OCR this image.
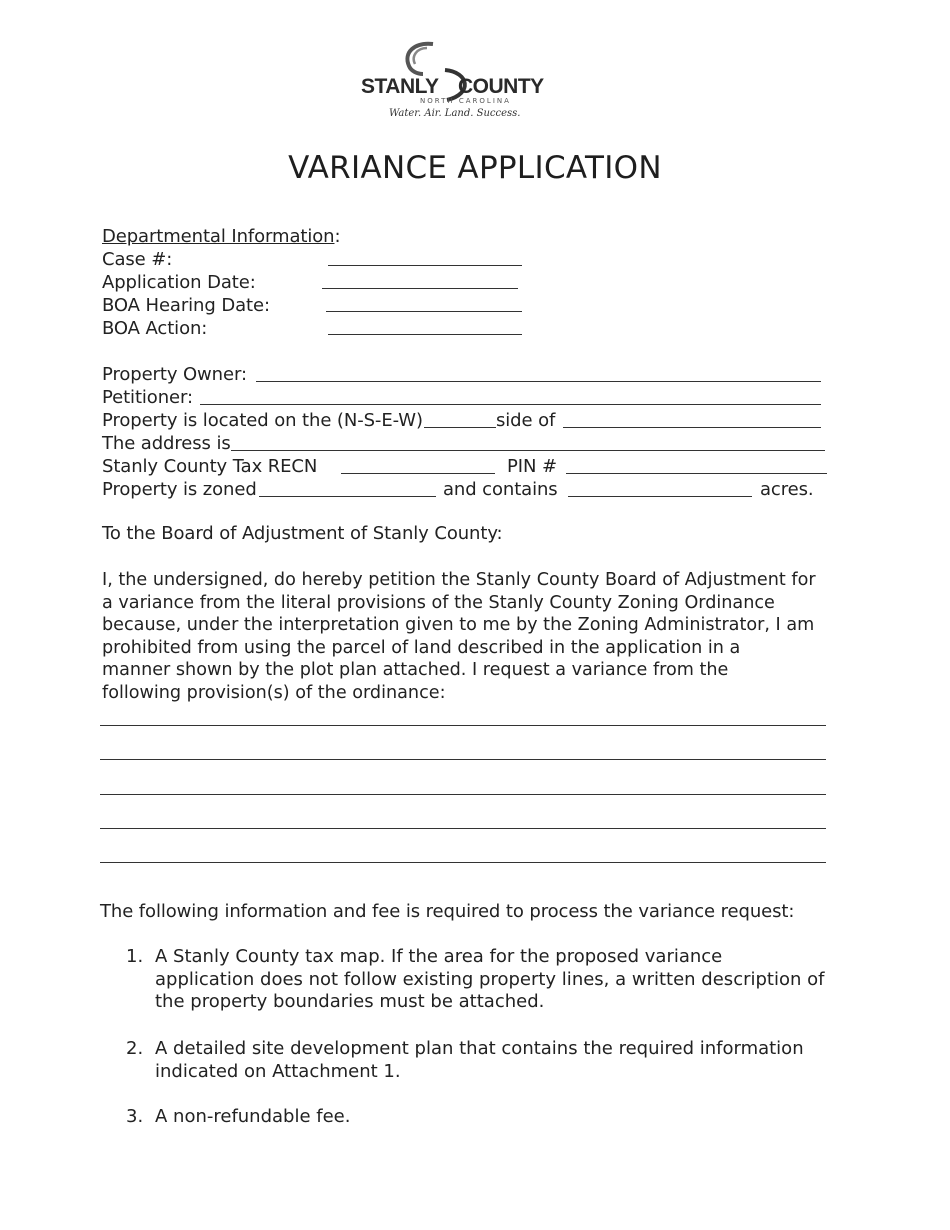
STANLY COUNTY
NORTH CAROLINA
Water. Air. Land. Success.
VARIANCE APPLICATION
Departmental Information:
Case #:
Application Date:
BOA Hearing Date:
BOA Action:
Property Owner:
Petitioner:
Property is located on the (N-S-E-W)	side of
The address is
Stanly County Tax RECN	PIN #
Property is zoned	and contains	acres.
To the Board of Adjustment of Stanly County:
I, the undersigned, do hereby petition the Stanly County Board of Adjustment for
a variance from the literal provisions of the Stanly County Zoning Ordinance
because, under the interpretation given to me by the Zoning Administrator, I am
prohibited from using the parcel of land described in the application in a
manner shown by the plot plan attached. I request a variance from the
following provision(s) of the ordinance:
The following information and fee is required to process the variance request:
1. A Stanly County tax map. If the area for the proposed variance
application does not follow existing property lines, a written description of
the property boundaries must be attached.
2. A detailed site development plan that contains the required information
indicated on Attachment 1.
3. A non-refundable fee.
